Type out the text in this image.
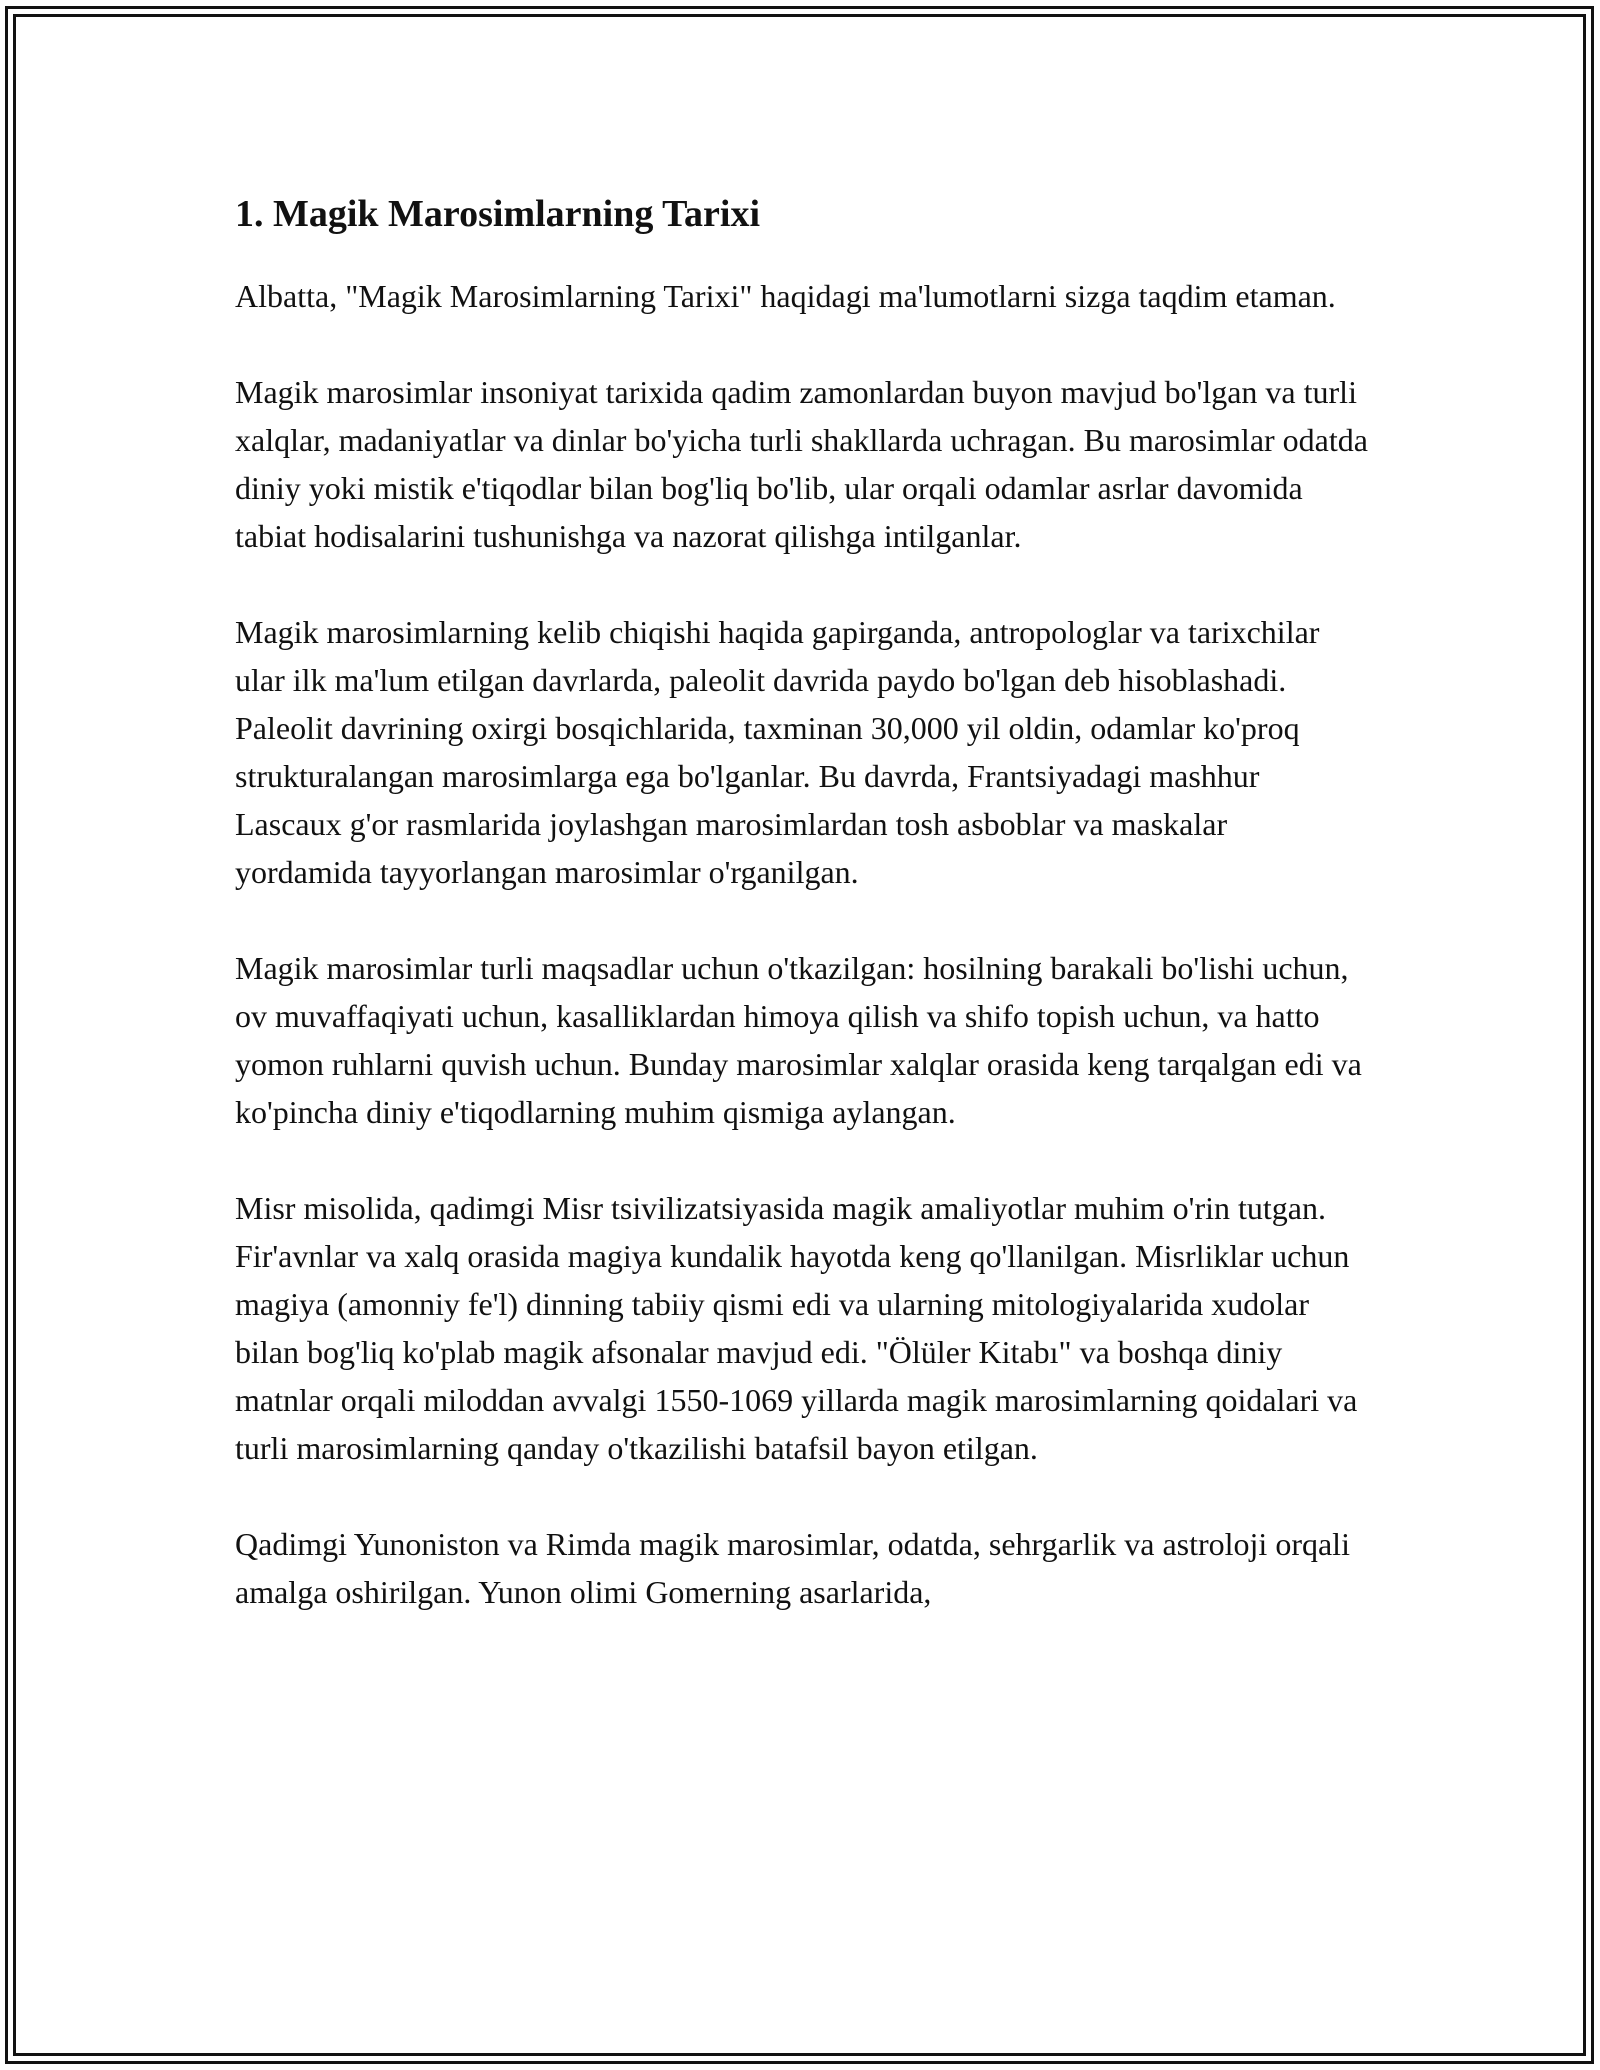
1. Magik Marosimlarning Tarixi

Albatta, "Magik Marosimlarning Tarixi" haqidagi ma'lumotlarni sizga taqdim etaman.

Magik marosimlar insoniyat tarixida qadim zamonlardan buyon mavjud bo'lgan va turli xalqlar, madaniyatlar va dinlar bo'yicha turli shakllarda uchragan. Bu marosimlar odatda diniy yoki mistik e'tiqodlar bilan bog'liq bo'lib, ular orqali odamlar asrlar davomida tabiat hodisalarini tushunishga va nazorat qilishga intilganlar.

Magik marosimlarning kelib chiqishi haqida gapirganda, antropologlar va tarixchilar ular ilk ma'lum etilgan davrlarda, paleolit davrida paydo bo'lgan deb hisoblashadi. Paleolit davrining oxirgi bosqichlarida, taxminan 30,000 yil oldin, odamlar ko'proq strukturalangan marosimlarga ega bo'lganlar. Bu davrda, Frantsiyadagi mashhur Lascaux g'or rasmlarida joylashgan marosimlardan tosh asboblar va maskalar yordamida tayyorlangan marosimlar o'rganilgan.

Magik marosimlar turli maqsadlar uchun o'tkazilgan: hosilning barakali bo'lishi uchun, ov muvaffaqiyati uchun, kasalliklardan himoya qilish va shifo topish uchun, va hatto yomon ruhlarni quvish uchun. Bunday marosimlar xalqlar orasida keng tarqalgan edi va ko'pincha diniy e'tiqodlarning muhim qismiga aylangan.

Misr misolida, qadimgi Misr tsivilizatsiyasida magik amaliyotlar muhim o'rin tutgan. Fir'avnlar va xalq orasida magiya kundalik hayotda keng qo'llanilgan. Misrliklar uchun magiya (amonniy fe'l) dinning tabiiy qismi edi va ularning mitologiyalarida xudolar bilan bog'liq ko'plab magik afsonalar mavjud edi. "Ölüler Kitabı" va boshqa diniy matnlar orqali miloddan avvalgi 1550-1069 yillarda magik marosimlarning qoidalari va turli marosimlarning qanday o'tkazilishi batafsil bayon etilgan.

Qadimgi Yunoniston va Rimda magik marosimlar, odatda, sehrgarlik va astroloji orqali amalga oshirilgan. Yunon olimi Gomerning asarlarida,
